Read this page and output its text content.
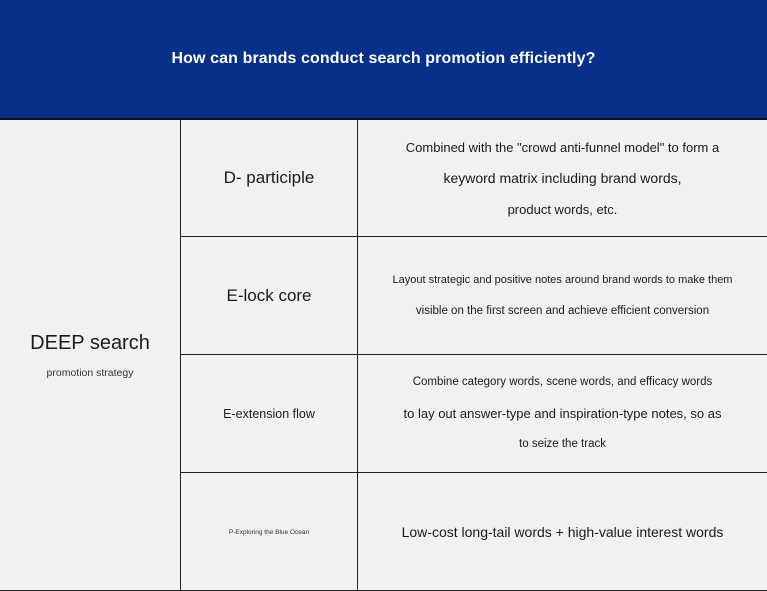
How can brands conduct search promotion efficiently?
DEEP search
promotion strategy
D- participle
E-lock core
E-extension flow
P-Exploring the Blue Ocean
Combined with the "crowd anti-funnel model" to form a
keyword matrix including brand words,
product words, etc.
Layout strategic and positive notes around brand words to make them
visible on the first screen and achieve efficient conversion
Combine category words, scene words, and efficacy words
to lay out answer-type and inspiration-type notes, so as
to seize the track
Low-cost long-tail words + high-value interest words
